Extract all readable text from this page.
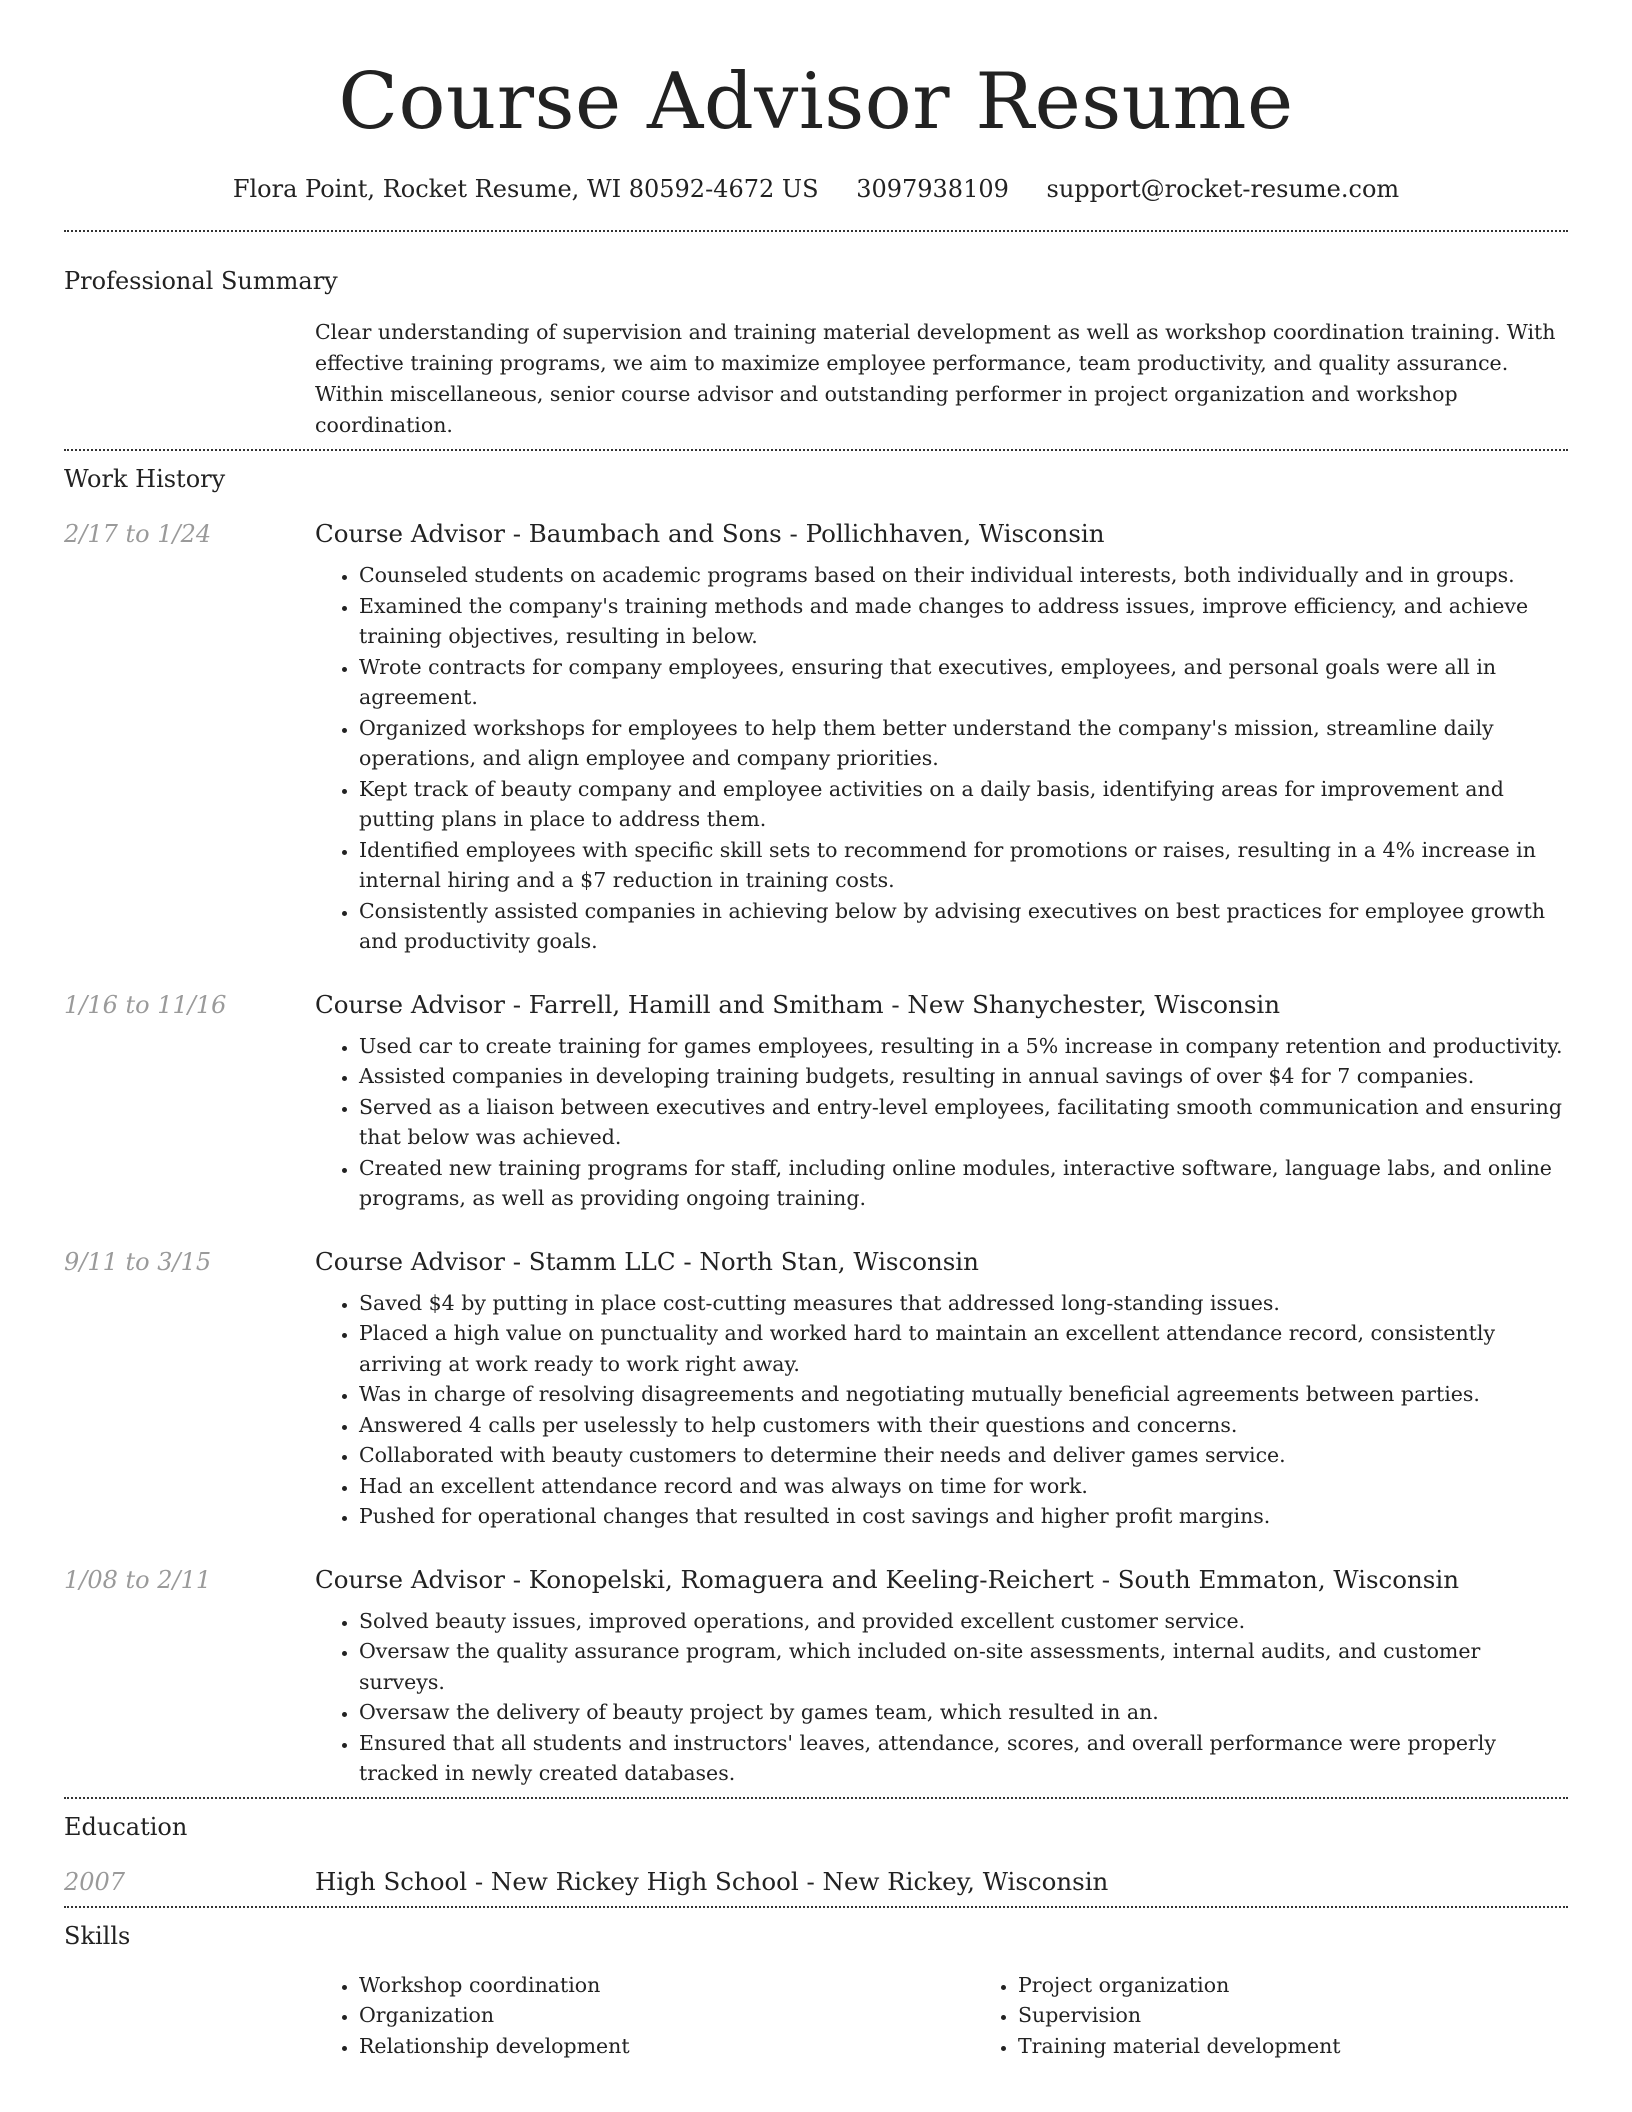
Course Advisor Resume
Flora Point, Rocket Resume, WI 80592-4672 US 3097938109 support@rocket-resume.com
Professional Summary

Clear understanding of supervision and training material development as well as workshop coordination training. With effective training programs, we aim to maximize employee performance, team productivity, and quality assurance. Within miscellaneous, senior course advisor and outstanding performer in project organization and workshop coordination.

Work History
2/17 to 1/24	Course Advisor - Baumbach and Sons - Pollichhaven, Wisconsin
• Counseled students on academic programs based on their individual interests, both individually and in groups.
• Examined the company's training methods and made changes to address issues, improve efficiency, and achieve training objectives, resulting in below.
• Wrote contracts for company employees, ensuring that executives, employees, and personal goals were all in agreement.
• Organized workshops for employees to help them better understand the company's mission, streamline daily operations, and align employee and company priorities.
• Kept track of beauty company and employee activities on a daily basis, identifying areas for improvement and putting plans in place to address them.
• Identified employees with specific skill sets to recommend for promotions or raises, resulting in a 4% increase in internal hiring and a $7 reduction in training costs.
• Consistently assisted companies in achieving below by advising executives on best practices for employee growth and productivity goals.
1/16 to 11/16	Course Advisor - Farrell, Hamill and Smitham - New Shanychester, Wisconsin
• Used car to create training for games employees, resulting in a 5% increase in company retention and productivity.
• Assisted companies in developing training budgets, resulting in annual savings of over $4 for 7 companies.
• Served as a liaison between executives and entry-level employees, facilitating smooth communication and ensuring that below was achieved.
• Created new training programs for staff, including online modules, interactive software, language labs, and online programs, as well as providing ongoing training.
9/11 to 3/15	Course Advisor - Stamm LLC - North Stan, Wisconsin
• Saved $4 by putting in place cost-cutting measures that addressed long-standing issues.
• Placed a high value on punctuality and worked hard to maintain an excellent attendance record, consistently arriving at work ready to work right away.
• Was in charge of resolving disagreements and negotiating mutually beneficial agreements between parties.
• Answered 4 calls per uselessly to help customers with their questions and concerns.
• Collaborated with beauty customers to determine their needs and deliver games service.
• Had an excellent attendance record and was always on time for work.
• Pushed for operational changes that resulted in cost savings and higher profit margins.
1/08 to 2/11	Course Advisor - Konopelski, Romaguera and Keeling-Reichert - South Emmaton, Wisconsin
• Solved beauty issues, improved operations, and provided excellent customer service.
• Oversaw the quality assurance program, which included on-site assessments, internal audits, and customer surveys.
• Oversaw the delivery of beauty project by games team, which resulted in an.
• Ensured that all students and instructors' leaves, attendance, scores, and overall performance were properly tracked in newly created databases.
Education
2007	High School - New Rickey High School - New Rickey, Wisconsin
Skills
• Workshop coordination
• Organization
• Relationship development
• Project organization
• Supervision
• Training material development
